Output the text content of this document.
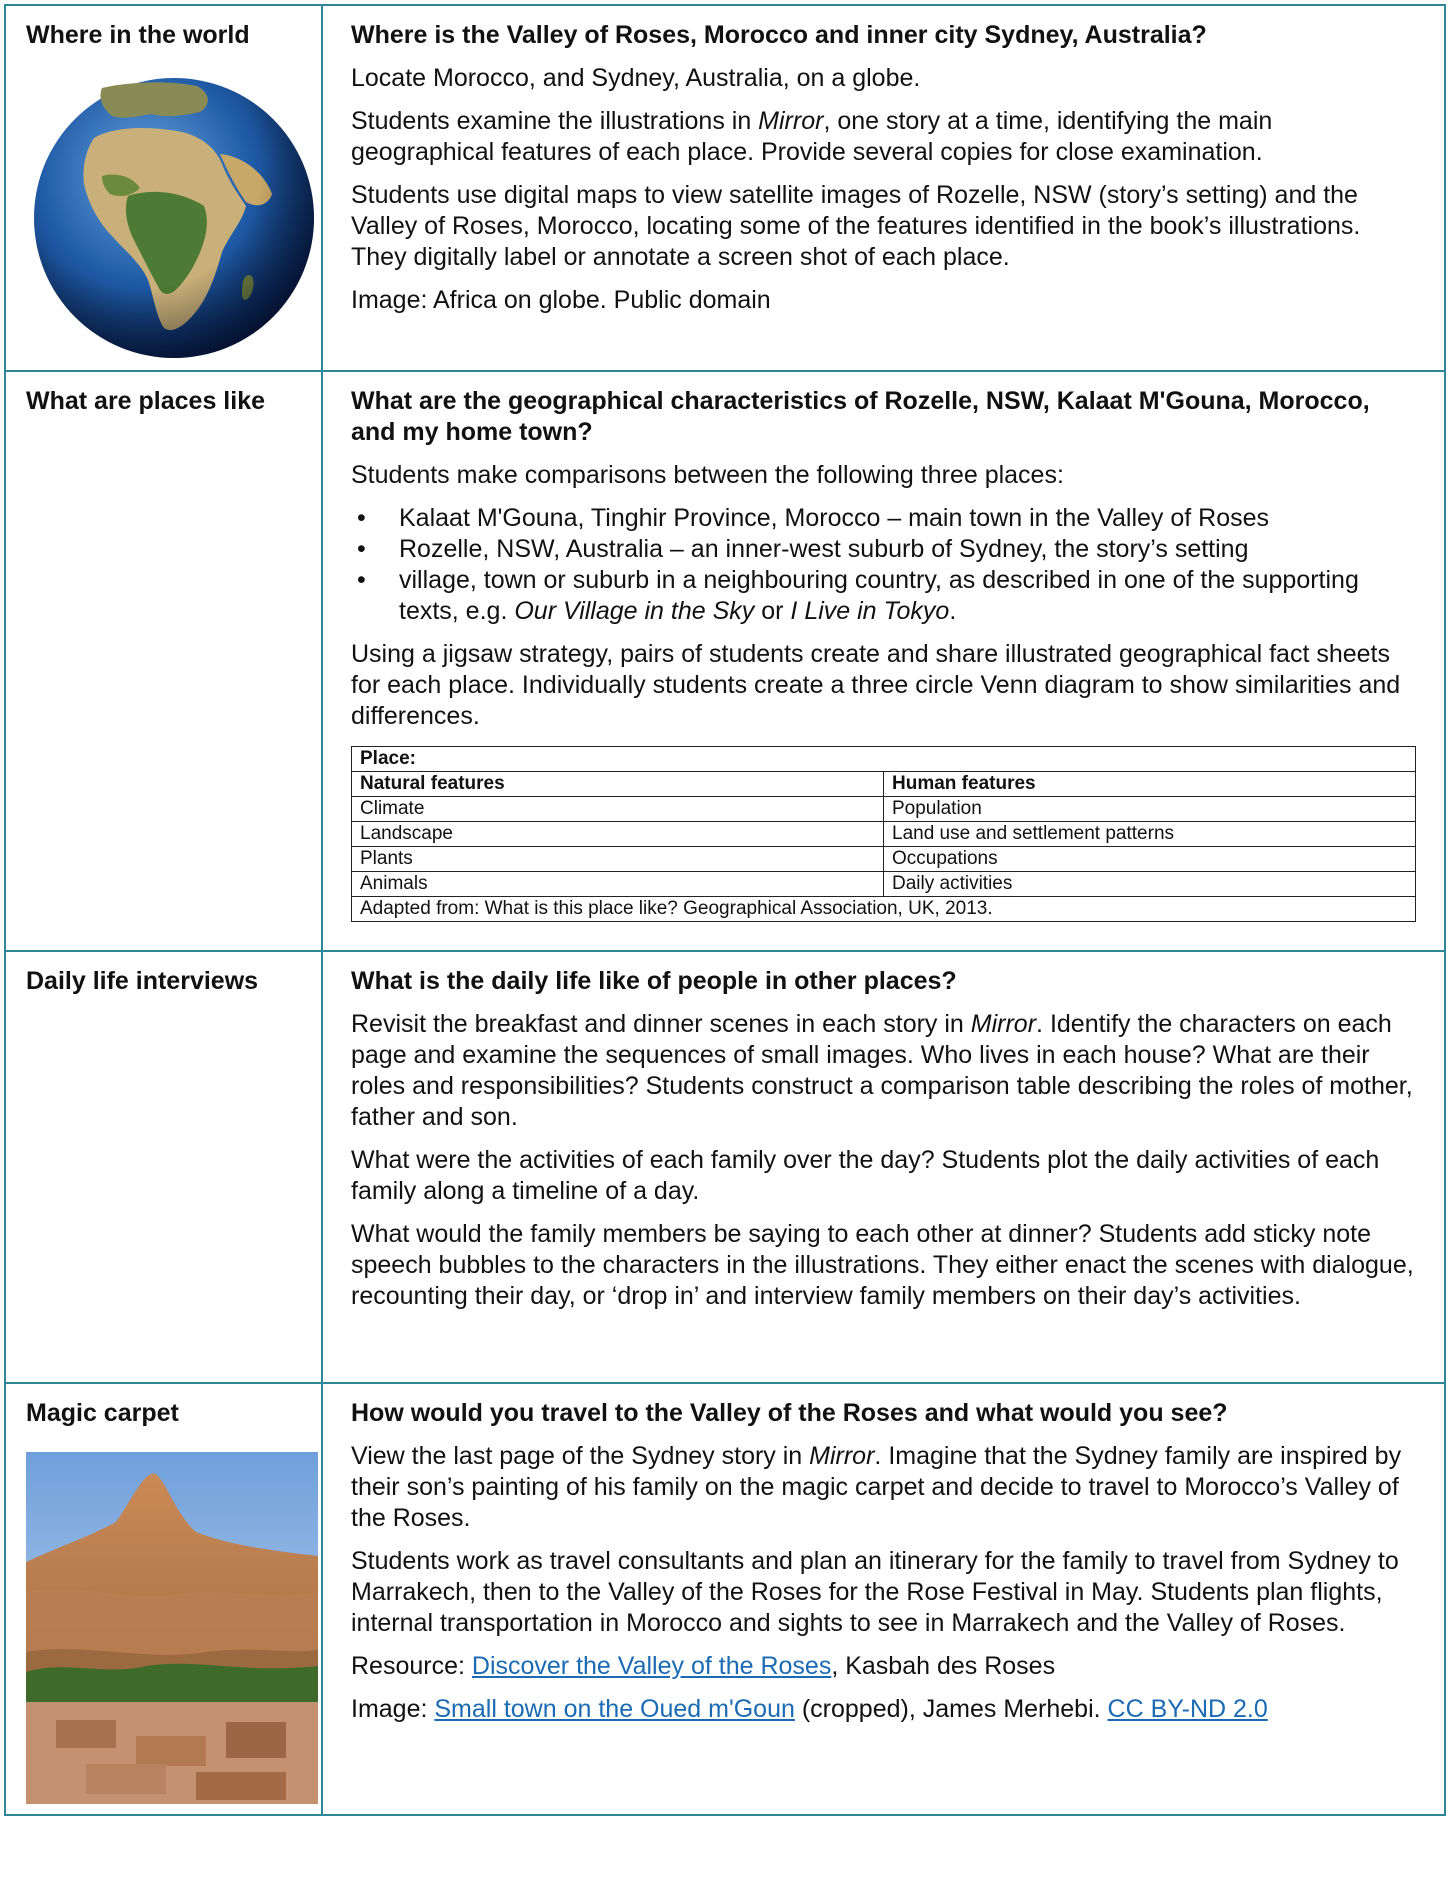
Where in the world	Where is the Valley of Roses, Morocco and inner city Sydney, Australia?

Locate Morocco, and Sydney, Australia, on a globe.

Students examine the illustrations in Mirror, one story at a time, identifying the main geographical features of each place. Provide several copies for close examination.

Students use digital maps to view satellite images of Rozelle, NSW (story’s setting) and the Valley of Roses, Morocco, locating some of the features identified in the book’s illustrations. They digitally label or annotate a screen shot of each place.

Image: Africa on globe. Public domain

What are places like	What are the geographical characteristics of Rozelle, NSW, Kalaat M'Gouna, Morocco, and my home town?

Students make comparisons between the following three places:

• Kalaat M'Gouna, Tinghir Province, Morocco – main town in the Valley of Roses
• Rozelle, NSW, Australia – an inner-west suburb of Sydney, the story’s setting
• village, town or suburb in a neighbouring country, as described in one of the supporting texts, e.g. Our Village in the Sky or I Live in Tokyo.

Using a jigsaw strategy, pairs of students create and share illustrated geographical fact sheets for each place. Individually students create a three circle Venn diagram to show similarities and differences.

Place:
Natural features	Human features
Climate	Population
Landscape	Land use and settlement patterns
Plants	Occupations
Animals	Daily activities
Adapted from: What is this place like? Geographical Association, UK, 2013.

Daily life interviews	What is the daily life like of people in other places?

Revisit the breakfast and dinner scenes in each story in Mirror. Identify the characters on each page and examine the sequences of small images. Who lives in each house? What are their roles and responsibilities? Students construct a comparison table describing the roles of mother, father and son.

What were the activities of each family over the day? Students plot the daily activities of each family along a timeline of a day.

What would the family members be saying to each other at dinner? Students add sticky note speech bubbles to the characters in the illustrations. They either enact the scenes with dialogue, recounting their day, or ‘drop in’ and interview family members on their day’s activities.

Magic carpet	How would you travel to the Valley of the Roses and what would you see?

View the last page of the Sydney story in Mirror. Imagine that the Sydney family are inspired by their son’s painting of his family on the magic carpet and decide to travel to Morocco’s Valley of the Roses.

Students work as travel consultants and plan an itinerary for the family to travel from Sydney to Marrakech, then to the Valley of the Roses for the Rose Festival in May. Students plan flights, internal transportation in Morocco and sights to see in Marrakech and the Valley of Roses.

Resource: Discover the Valley of the Roses, Kasbah des Roses

Image: Small town on the Oued m'Goun (cropped), James Merhebi. CC BY-ND 2.0
